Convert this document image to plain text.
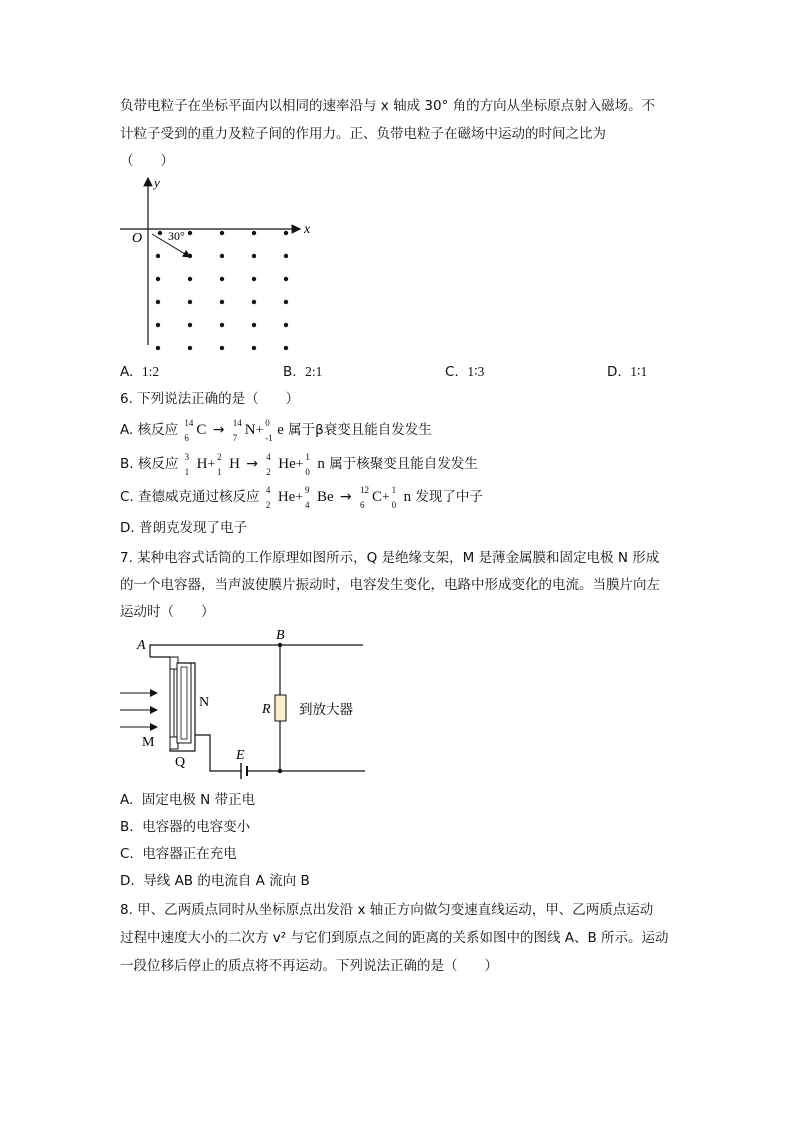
负带电粒子在坐标平面内以相同的速率沿与 x 轴成 30° 角的方向从坐标原点射入磁场。不
计粒子受到的重力及粒子间的作用力。正、负带电粒子在磁场中运动的时间之比为
（　　）
y
x
O 30°
A. 1:2	B. 2:1	C. 1∶3	D. 1∶1
6. 下列说法正确的是（　　）
A. 核反应 14
6 C → 14
7 N+ 0
-1 e 属于β衰变且能自发发生
B. 核反应 3
1 H+ 2
1 H → 4
2 He+ 1
0 n 属于核聚变且能自发发生
C. 查德威克通过核反应 4
2 He+ 9
4 Be → 12
6 C+ 1
0 n 发现了中子
D. 普朗克发现了电子
7. 某种电容式话筒的工作原理如图所示，Q 是绝缘支架，M 是薄金属膜和固定电极 N 形成
的一个电容器，当声波使膜片振动时，电容发生变化，电路中形成变化的电流。当膜片向左
运动时（　　）
A
B
R
N
M
Q	E
到放大器
A. 固定电极 N 带正电
B. 电容器的电容变小
C. 电容器正在充电
D. 导线 AB 的电流自 A 流向 B
8. 甲、乙两质点同时从坐标原点出发沿 x 轴正方向做匀变速直线运动，甲、乙两质点运动
过程中速度大小的二次方 v² 与它们到原点之间的距离的关系如图中的图线 A、B 所示。运动
一段位移后停止的质点将不再运动。下列说法正确的是（　　）
